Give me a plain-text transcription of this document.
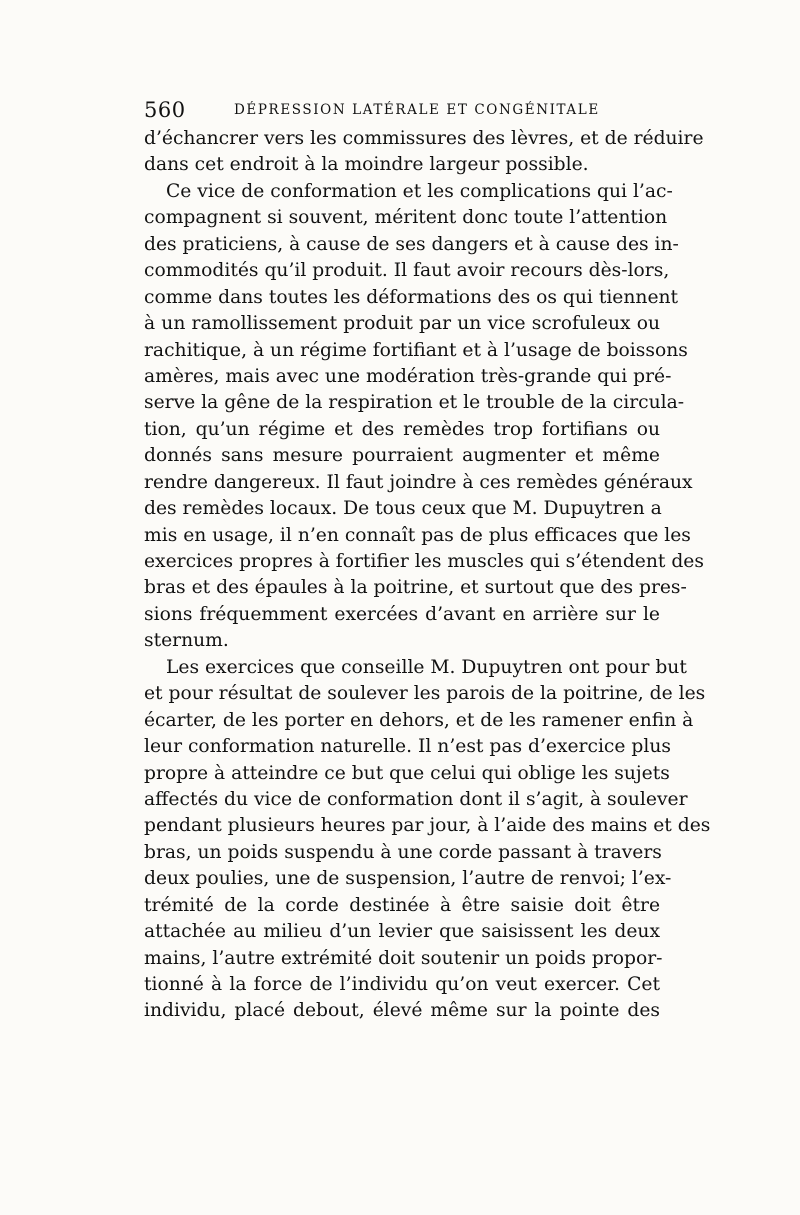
560	DÉPRESSION LATÉRALE ET CONGÉNITALE
d’échancrer vers les commissures des lèvres, et de réduire
dans cet endroit à la moindre largeur possible.
Ce vice de conformation et les complications qui l’ac-
compagnent si souvent, méritent donc toute l’attention
des praticiens, à cause de ses dangers et à cause des in-
commodités qu’il produit. Il faut avoir recours dès-lors,
comme dans toutes les déformations des os qui tiennent
à un ramollissement produit par un vice scrofuleux ou
rachitique, à un régime fortifiant et à l’usage de boissons
amères, mais avec une modération très-grande qui pré-
serve la gêne de la respiration et le trouble de la circula-
tion, qu’un régime et des remèdes trop fortifians ou
donnés sans mesure pourraient augmenter et même
rendre dangereux. Il faut joindre à ces remèdes généraux
des remèdes locaux. De tous ceux que M. Dupuytren a
mis en usage, il n’en connaît pas de plus efficaces que les
exercices propres à fortifier les muscles qui s’étendent des
bras et des épaules à la poitrine, et surtout que des pres-
sions fréquemment exercées d’avant en arrière sur le
sternum.
Les exercices que conseille M. Dupuytren ont pour but
et pour résultat de soulever les parois de la poitrine, de les
écarter, de les porter en dehors, et de les ramener enfin à
leur conformation naturelle. Il n’est pas d’exercice plus
propre à atteindre ce but que celui qui oblige les sujets
affectés du vice de conformation dont il s’agit, à soulever
pendant plusieurs heures par jour, à l’aide des mains et des
bras, un poids suspendu à une corde passant à travers
deux poulies, une de suspension, l’autre de renvoi; l’ex-
trémité de la corde destinée à être saisie doit être
attachée au milieu d’un levier que saisissent les deux
mains, l’autre extrémité doit soutenir un poids propor-
tionné à la force de l’individu qu’on veut exercer. Cet
individu, placé debout, élevé même sur la pointe des
